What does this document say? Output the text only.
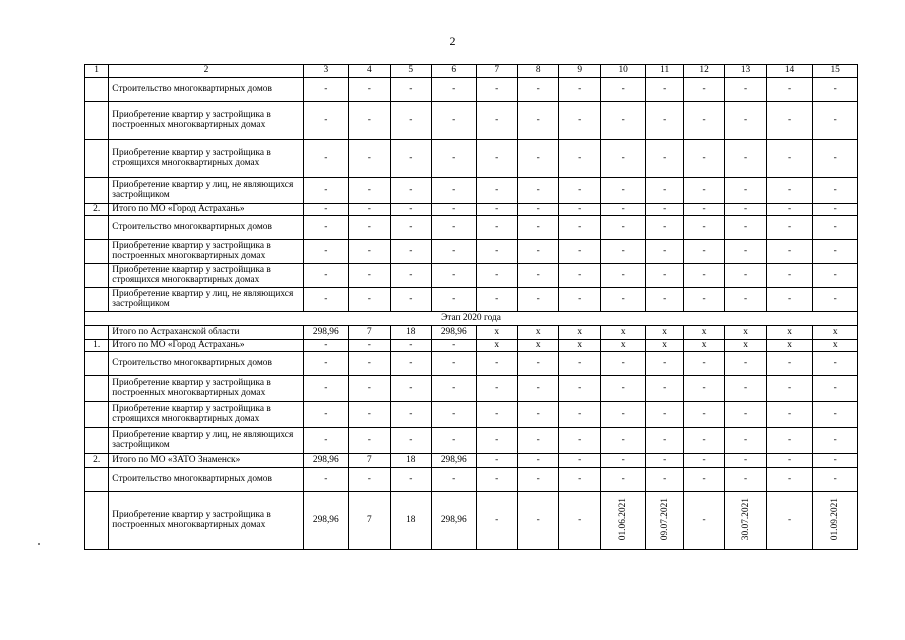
2
1	2	3	4	5	6	7	8	9	10	11	12	13	14	15
	Строительство многоквартирных домов	-	-	-	-	-	-	-	-	-	-	-	-	-
	Приобретение квартир у застройщика в построенных многоквартирных домах	-	-	-	-	-	-	-	-	-	-	-	-	-
	Приобретение квартир у застройщика в строящихся многоквартирных домах	-	-	-	-	-	-	-	-	-	-	-	-	-
	Приобретение квартир у лиц, не являющихся застройщиком	-	-	-	-	-	-	-	-	-	-	-	-	-
2.	Итого по МО «Город Астрахань»	-	-	-	-	-	-	-	-	-	-	-	-	-
	Строительство многоквартирных домов	-	-	-	-	-	-	-	-	-	-	-	-	-
	Приобретение квартир у застройщика в построенных многоквартирных домах	-	-	-	-	-	-	-	-	-	-	-	-	-
	Приобретение квартир у застройщика в строящихся многоквартирных домах	-	-	-	-	-	-	-	-	-	-	-	-	-
	Приобретение квартир у лиц, не являющихся застройщиком	-	-	-	-	-	-	-	-	-	-	-	-	-
Этап 2020 года														
	Итого по Астраханской области	298,96	7	18	298,96	x	x	x	x	x	x	x	x	x
1.	Итого по МО «Город Астрахань»	-	-	-	-	x	x	x	x	x	x	x	x	x
	Строительство многоквартирных домов	-	-	-	-	-	-	-	-	-	-	-	-	-
	Приобретение квартир у застройщика в построенных многоквартирных домах	-	-	-	-	-	-	-	-	-	-	-	-	-
	Приобретение квартир у застройщика в строящихся многоквартирных домах	-	-	-	-	-	-	-	-	-	-	-	-	-
	Приобретение квартир у лиц, не являющихся застройщиком	-	-	-	-	-	-	-	-	-	-	-	-	-
2.	Итого по МО «ЗАТО Знаменск»	298,96	7	18	298,96	-	-	-	-	-	-	-	-	-
	Строительство многоквартирных домов	-	-	-	-	-	-	-	-	-	-	-	-	-
	Приобретение квартир у застройщика в построенных многоквартирных домах	298,96	7	18	298,96	-	-	-	01.06.2021	09.07.2021	-	30.07.2021	-	01.09.2021
